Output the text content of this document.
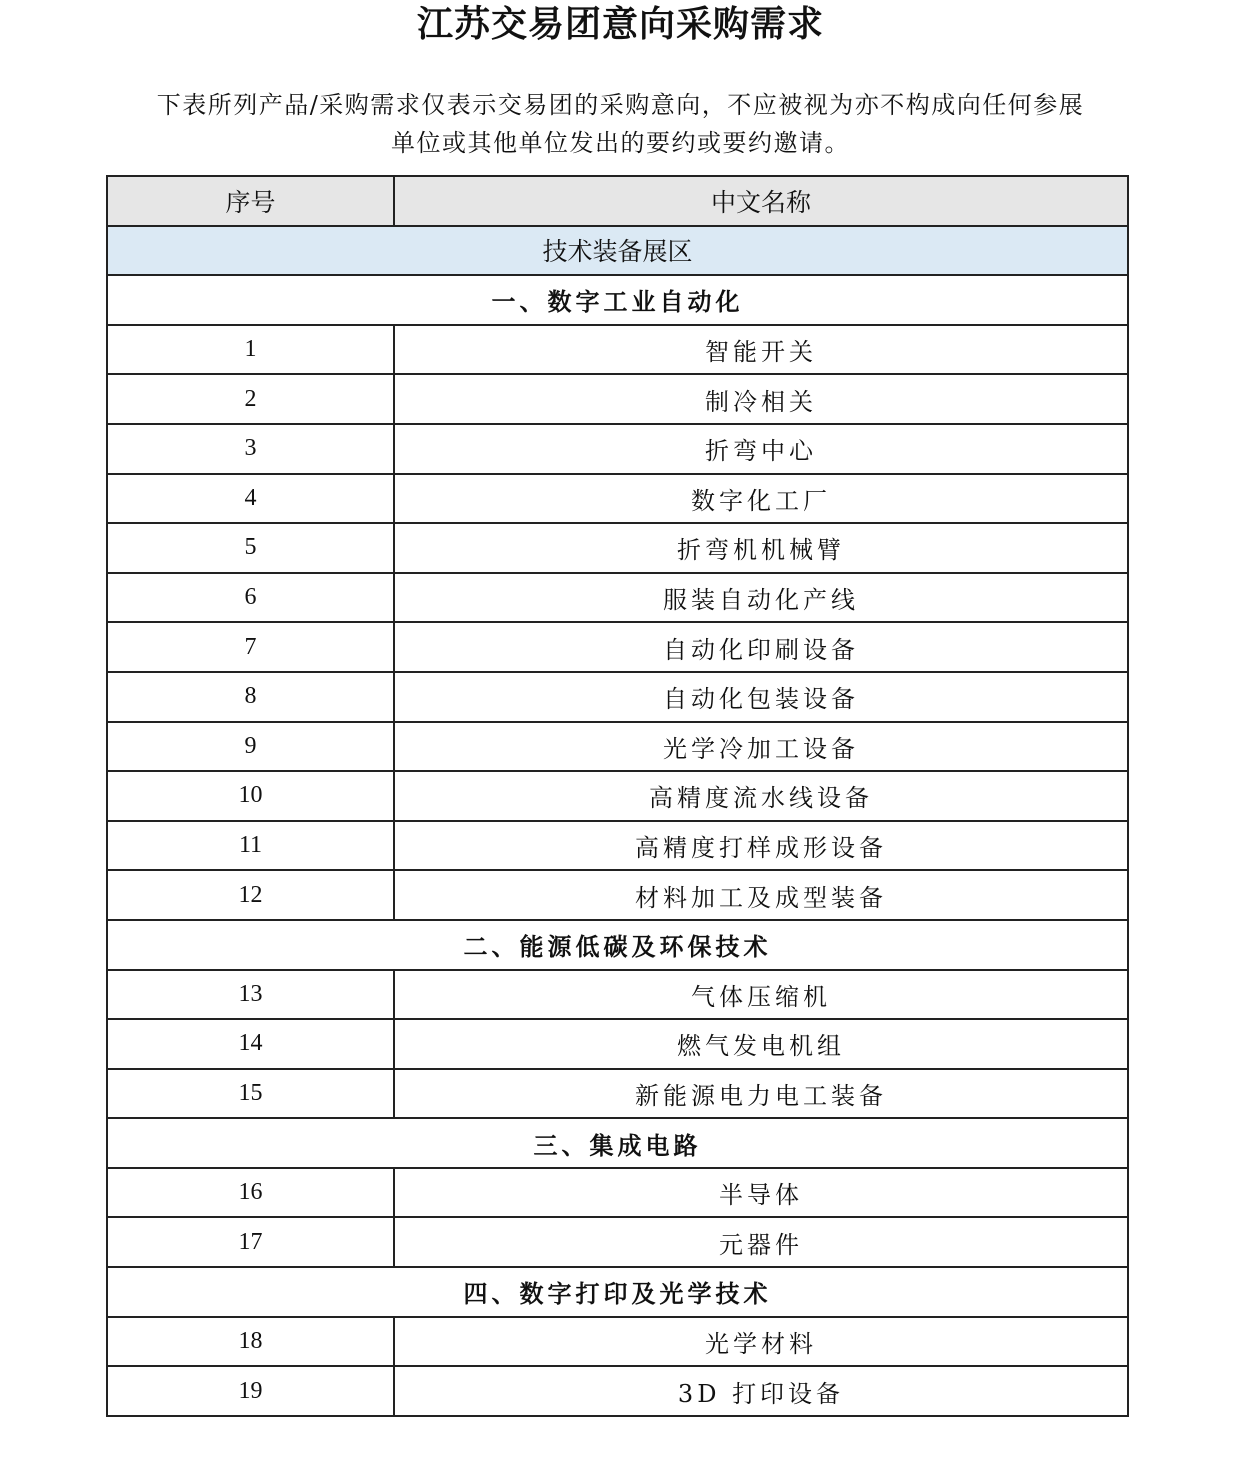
江苏交易团意向采购需求

下表所列产品/采购需求仅表示交易团的采购意向，不应被视为亦不构成向任何参展
单位或其他单位发出的要约或要约邀请。

序号	中文名称
技术装备展区	
一、数字工业自动化	
1	智能开关
2	制冷相关
3	折弯中心
4	数字化工厂
5	折弯机机械臂
6	服装自动化产线
7	自动化印刷设备
8	自动化包装设备
9	光学冷加工设备
10	高精度流水线设备
11	高精度打样成形设备
12	材料加工及成型装备
二、能源低碳及环保技术	
13	气体压缩机
14	燃气发电机组
15	新能源电力电工装备
三、集成电路	
16	半导体
17	元器件
四、数字打印及光学技术	
18	光学材料
19	3D 打印设备
